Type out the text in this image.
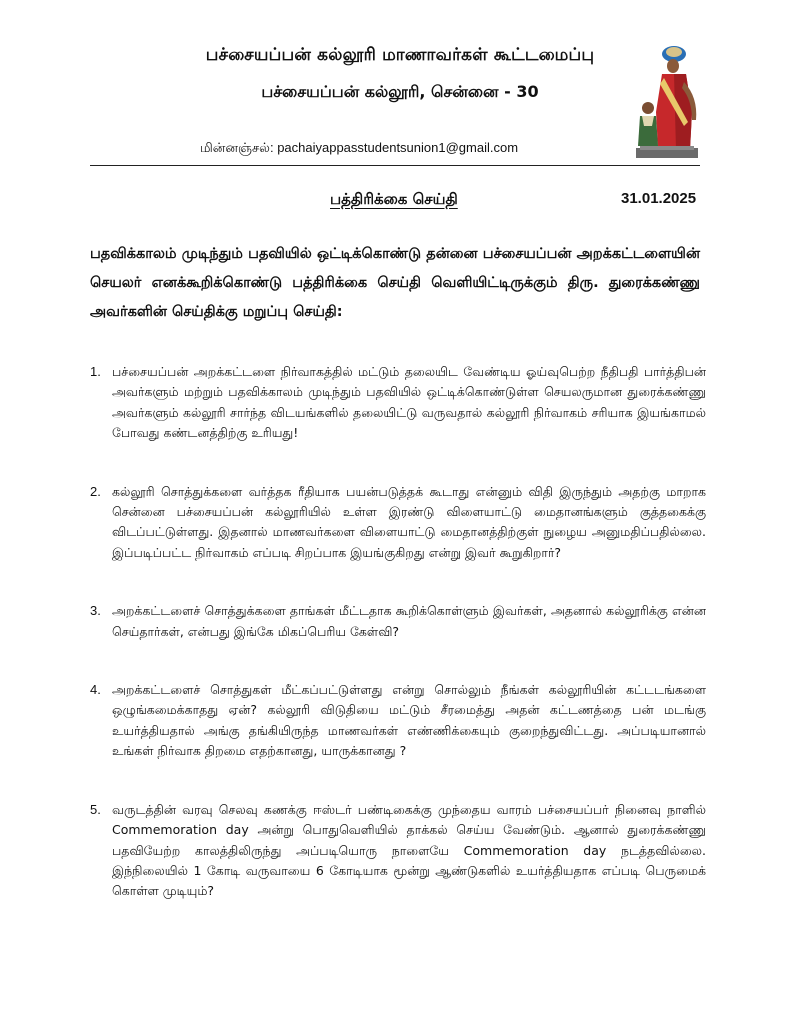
பச்சையப்பன் கல்லூரி மாணாவர்கள் கூட்டமைப்பு
பச்சையப்பன் கல்லூரி, சென்னை - 30
மின்னஞ்சல்: pachaiyappasstudentsunion1@gmail.com
பத்திரிக்கை செய்தி	31.01.2025
பதவிக்காலம் முடிந்தும் பதவியில் ஒட்டிக்கொண்டு தன்னை பச்சையப்பன் அறக்கட்டளையின் செயலர் எனக்கூறிக்கொண்டு பத்திரிக்கை செய்தி வெளியிட்டிருக்கும் திரு. துரைக்கண்ணு அவர்களின் செய்திக்கு மறுப்பு செய்தி:
1. பச்சையப்பன் அறக்கட்டளை நிர்வாகத்தில் மட்டும் தலையிட வேண்டிய ஓய்வுபெற்ற நீதிபதி பார்த்திபன் அவர்களும் மற்றும் பதவிக்காலம் முடிந்தும் பதவியில் ஒட்டிக்கொண்டுள்ள செயலருமான துரைக்கண்ணு அவர்களும் கல்லூரி சார்ந்த விடயங்களில் தலையிட்டு வருவதால் கல்லூரி நிர்வாகம் சரியாக இயங்காமல் போவது கண்டனத்திற்கு உரியது!
2. கல்லூரி சொத்துக்களை வர்த்தக ரீதியாக பயன்படுத்தக் கூடாது என்னும் விதி இருந்தும் அதற்கு மாறாக சென்னை பச்சையப்பன் கல்லூரியில் உள்ள இரண்டு விளையாட்டு மைதானங்களும் குத்தகைக்கு விடப்பட்டுள்ளது. இதனால் மாணவர்களை விளையாட்டு மைதானத்திற்குள் நுழைய அனுமதிப்பதில்லை. இப்படிப்பட்ட நிர்வாகம் எப்படி சிறப்பாக இயங்குகிறது என்று இவர் கூறுகிறார்?
3. அறக்கட்டளைச் சொத்துக்களை தாங்கள் மீட்டதாக கூறிக்கொள்ளும் இவர்கள், அதனால் கல்லூரிக்கு என்ன செய்தார்கள், என்பது இங்கே மிகப்பெரிய கேள்வி?
4. அறக்கட்டளைச் சொத்துகள் மீட்கப்பட்டுள்ளது என்று சொல்லும் நீங்கள் கல்லூரியின் கட்டடங்களை ஒழுங்கமைக்காதது ஏன்? கல்லூரி விடுதியை மட்டும் சீரமைத்து அதன் கட்டணத்தை பன் மடங்கு உயர்த்தியதால் அங்கு தங்கியிருந்த மாணவர்கள் எண்ணிக்கையும் குறைந்துவிட்டது. அப்படியானால் உங்கள் நிர்வாக திறமை எதற்கானது, யாருக்கானது ?
5. வருடத்தின் வரவு செலவு கணக்கு ஈஸ்டர் பண்டிகைக்கு முந்தைய வாரம் பச்சையப்பர் நினைவு நாளில் Commemoration day அன்று பொதுவெளியில் தாக்கல் செய்ய வேண்டும். ஆனால் துரைக்கண்ணு பதவியேற்ற காலத்திலிருந்து அப்படியொரு நாளையே Commemoration day நடத்தவில்லை. இந்நிலையில் 1 கோடி வருவாயை 6 கோடியாக மூன்று ஆண்டுகளில் உயர்த்தியதாக எப்படி பெருமைக் கொள்ள முடியும்?
